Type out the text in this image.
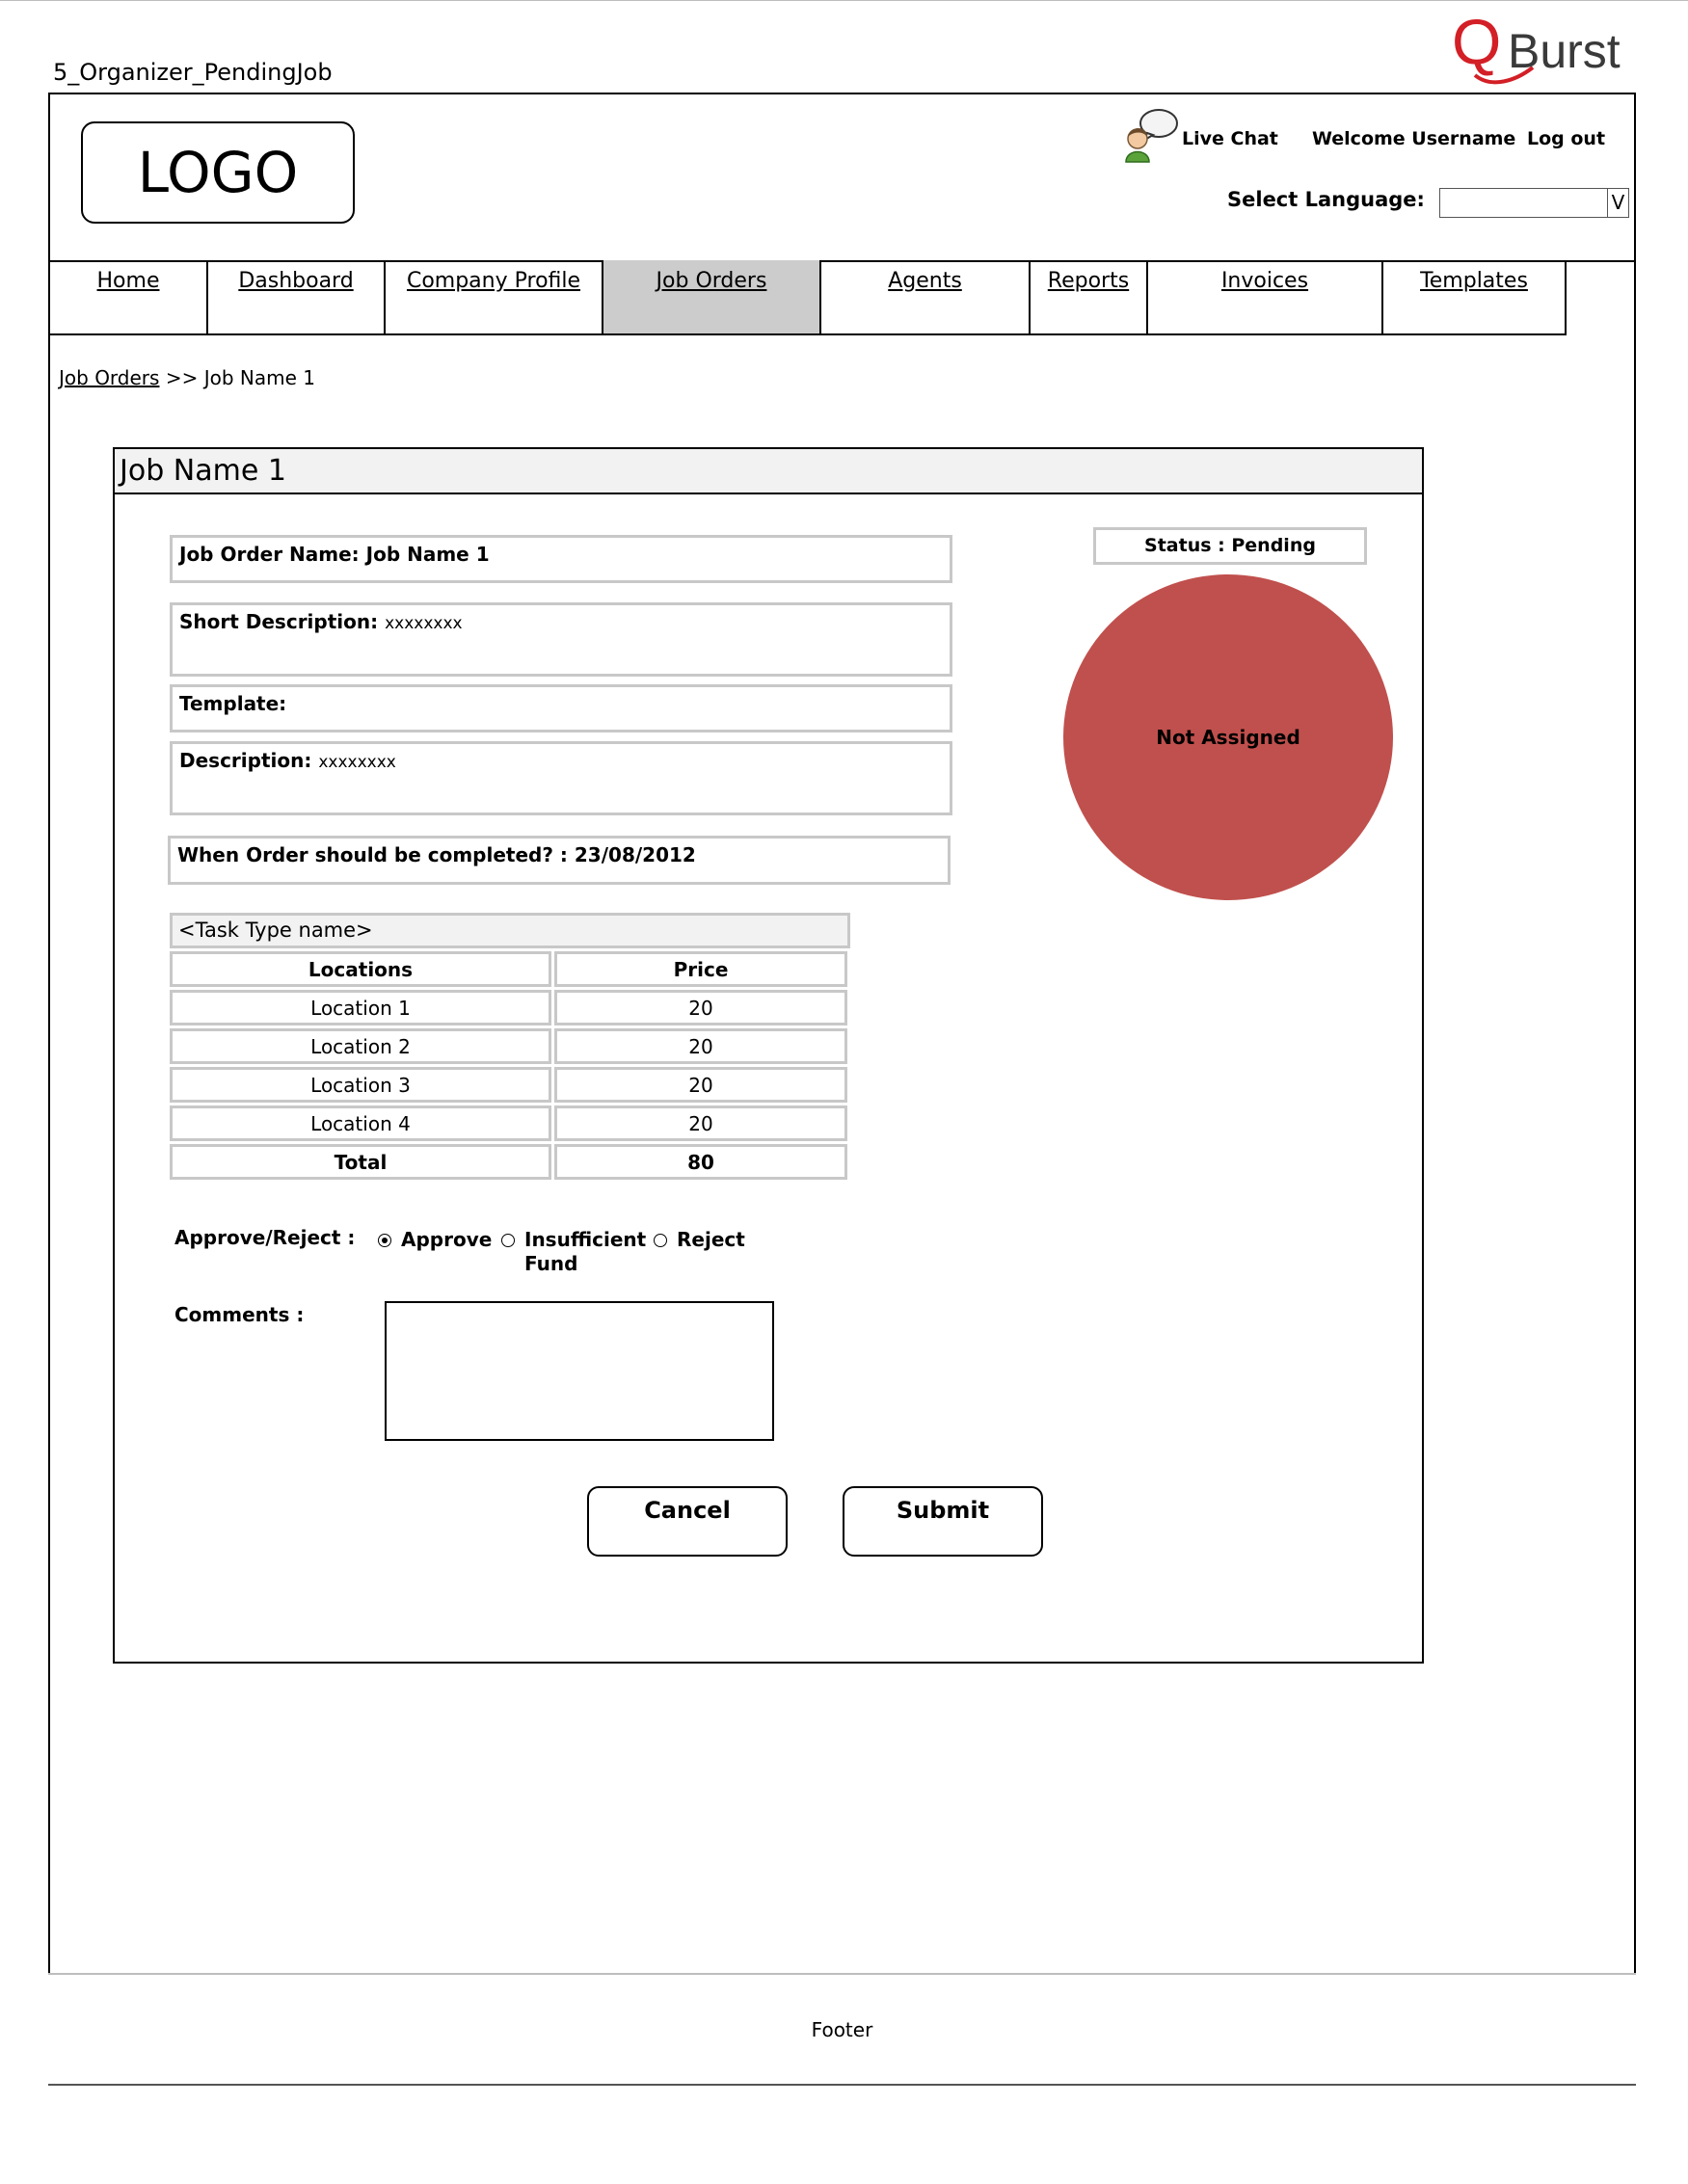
5_Organizer_PendingJob	Q Burst
LOGO
Live Chat Welcome Username Log out
Select Language:	V
Home	Dashboard	Company Profile	Job Orders	Agents	Reports	Invoices	Templates
Job Orders >> Job Name 1
Job Name 1
Job Order Name: Job Name 1
Short Description: xxxxxxxx
Template:
Description: xxxxxxxx
When Order should be completed? : 23/08/2012
Status : Pending
Not Assigned
<Task Type name>
Locations	Price
Location 1	20
Location 2	20
Location 3	20
Location 4	20
Total	80
Approve/Reject :	Approve	Insufficient Fund
Reject
Comments :
Cancel	Submit
Footer
